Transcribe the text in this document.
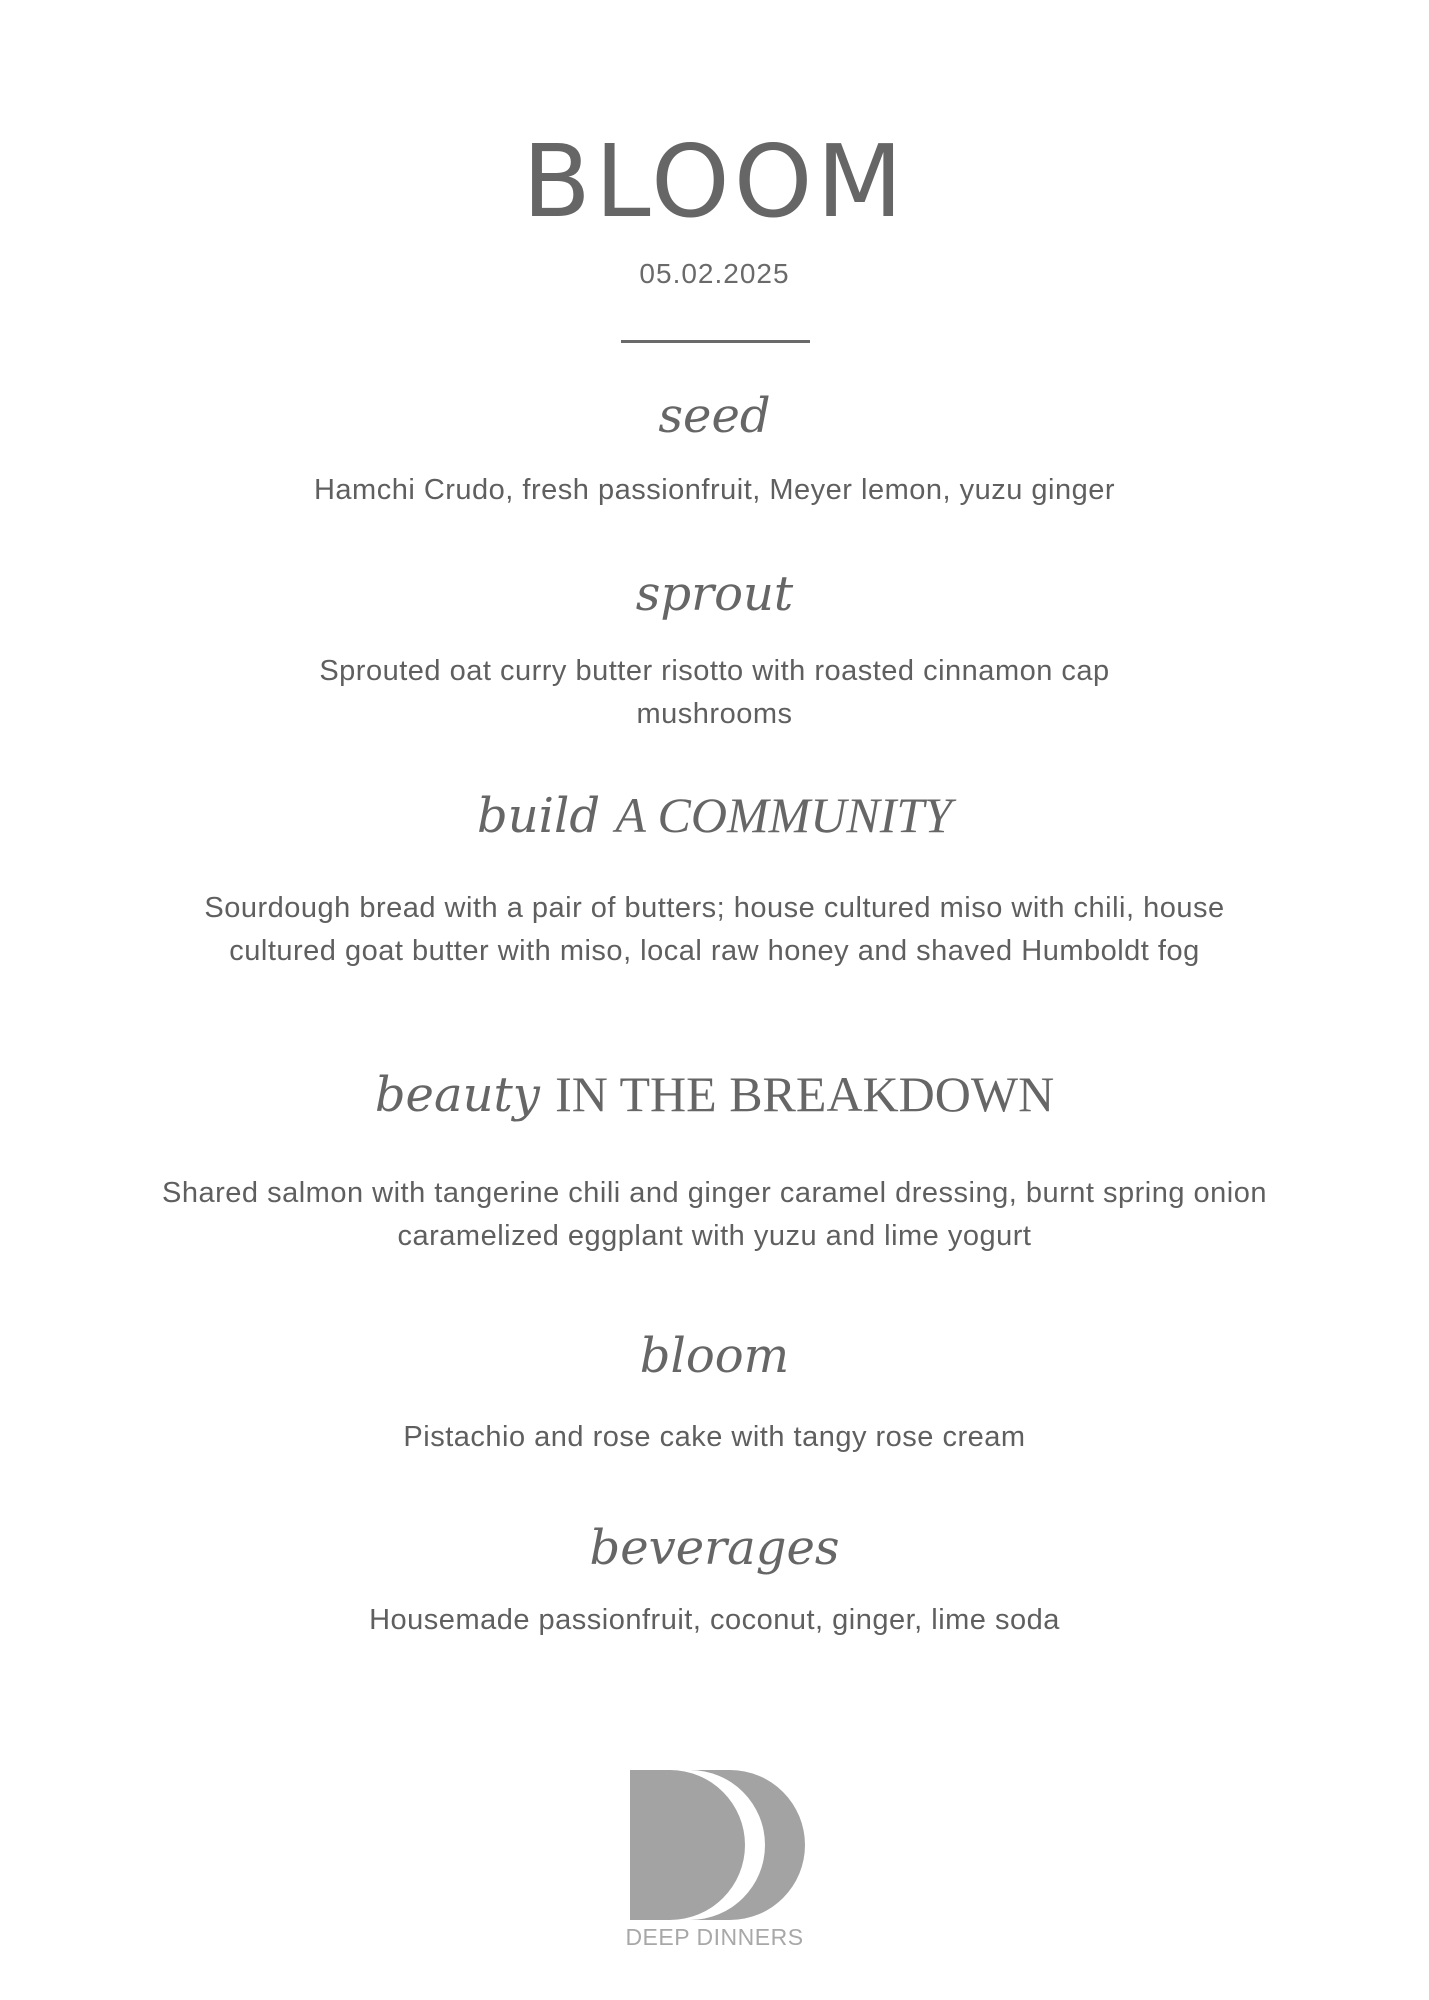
BLOOM
05.02.2025
seed
Hamchi Crudo, fresh passionfruit, Meyer lemon, yuzu ginger
sprout
Sprouted oat curry butter risotto with roasted cinnamon cap mushrooms
build A COMMUNITY
Sourdough bread with a pair of butters; house cultured miso with chili, house cultured goat butter with miso, local raw honey and shaved Humboldt fog
beauty IN THE BREAKDOWN
Shared salmon with tangerine chili and ginger caramel dressing, burnt spring onion caramelized eggplant with yuzu and lime yogurt
bloom
Pistachio and rose cake with tangy rose cream
beverages
Housemade passionfruit, coconut, ginger, lime soda
DEEP DINNERS
